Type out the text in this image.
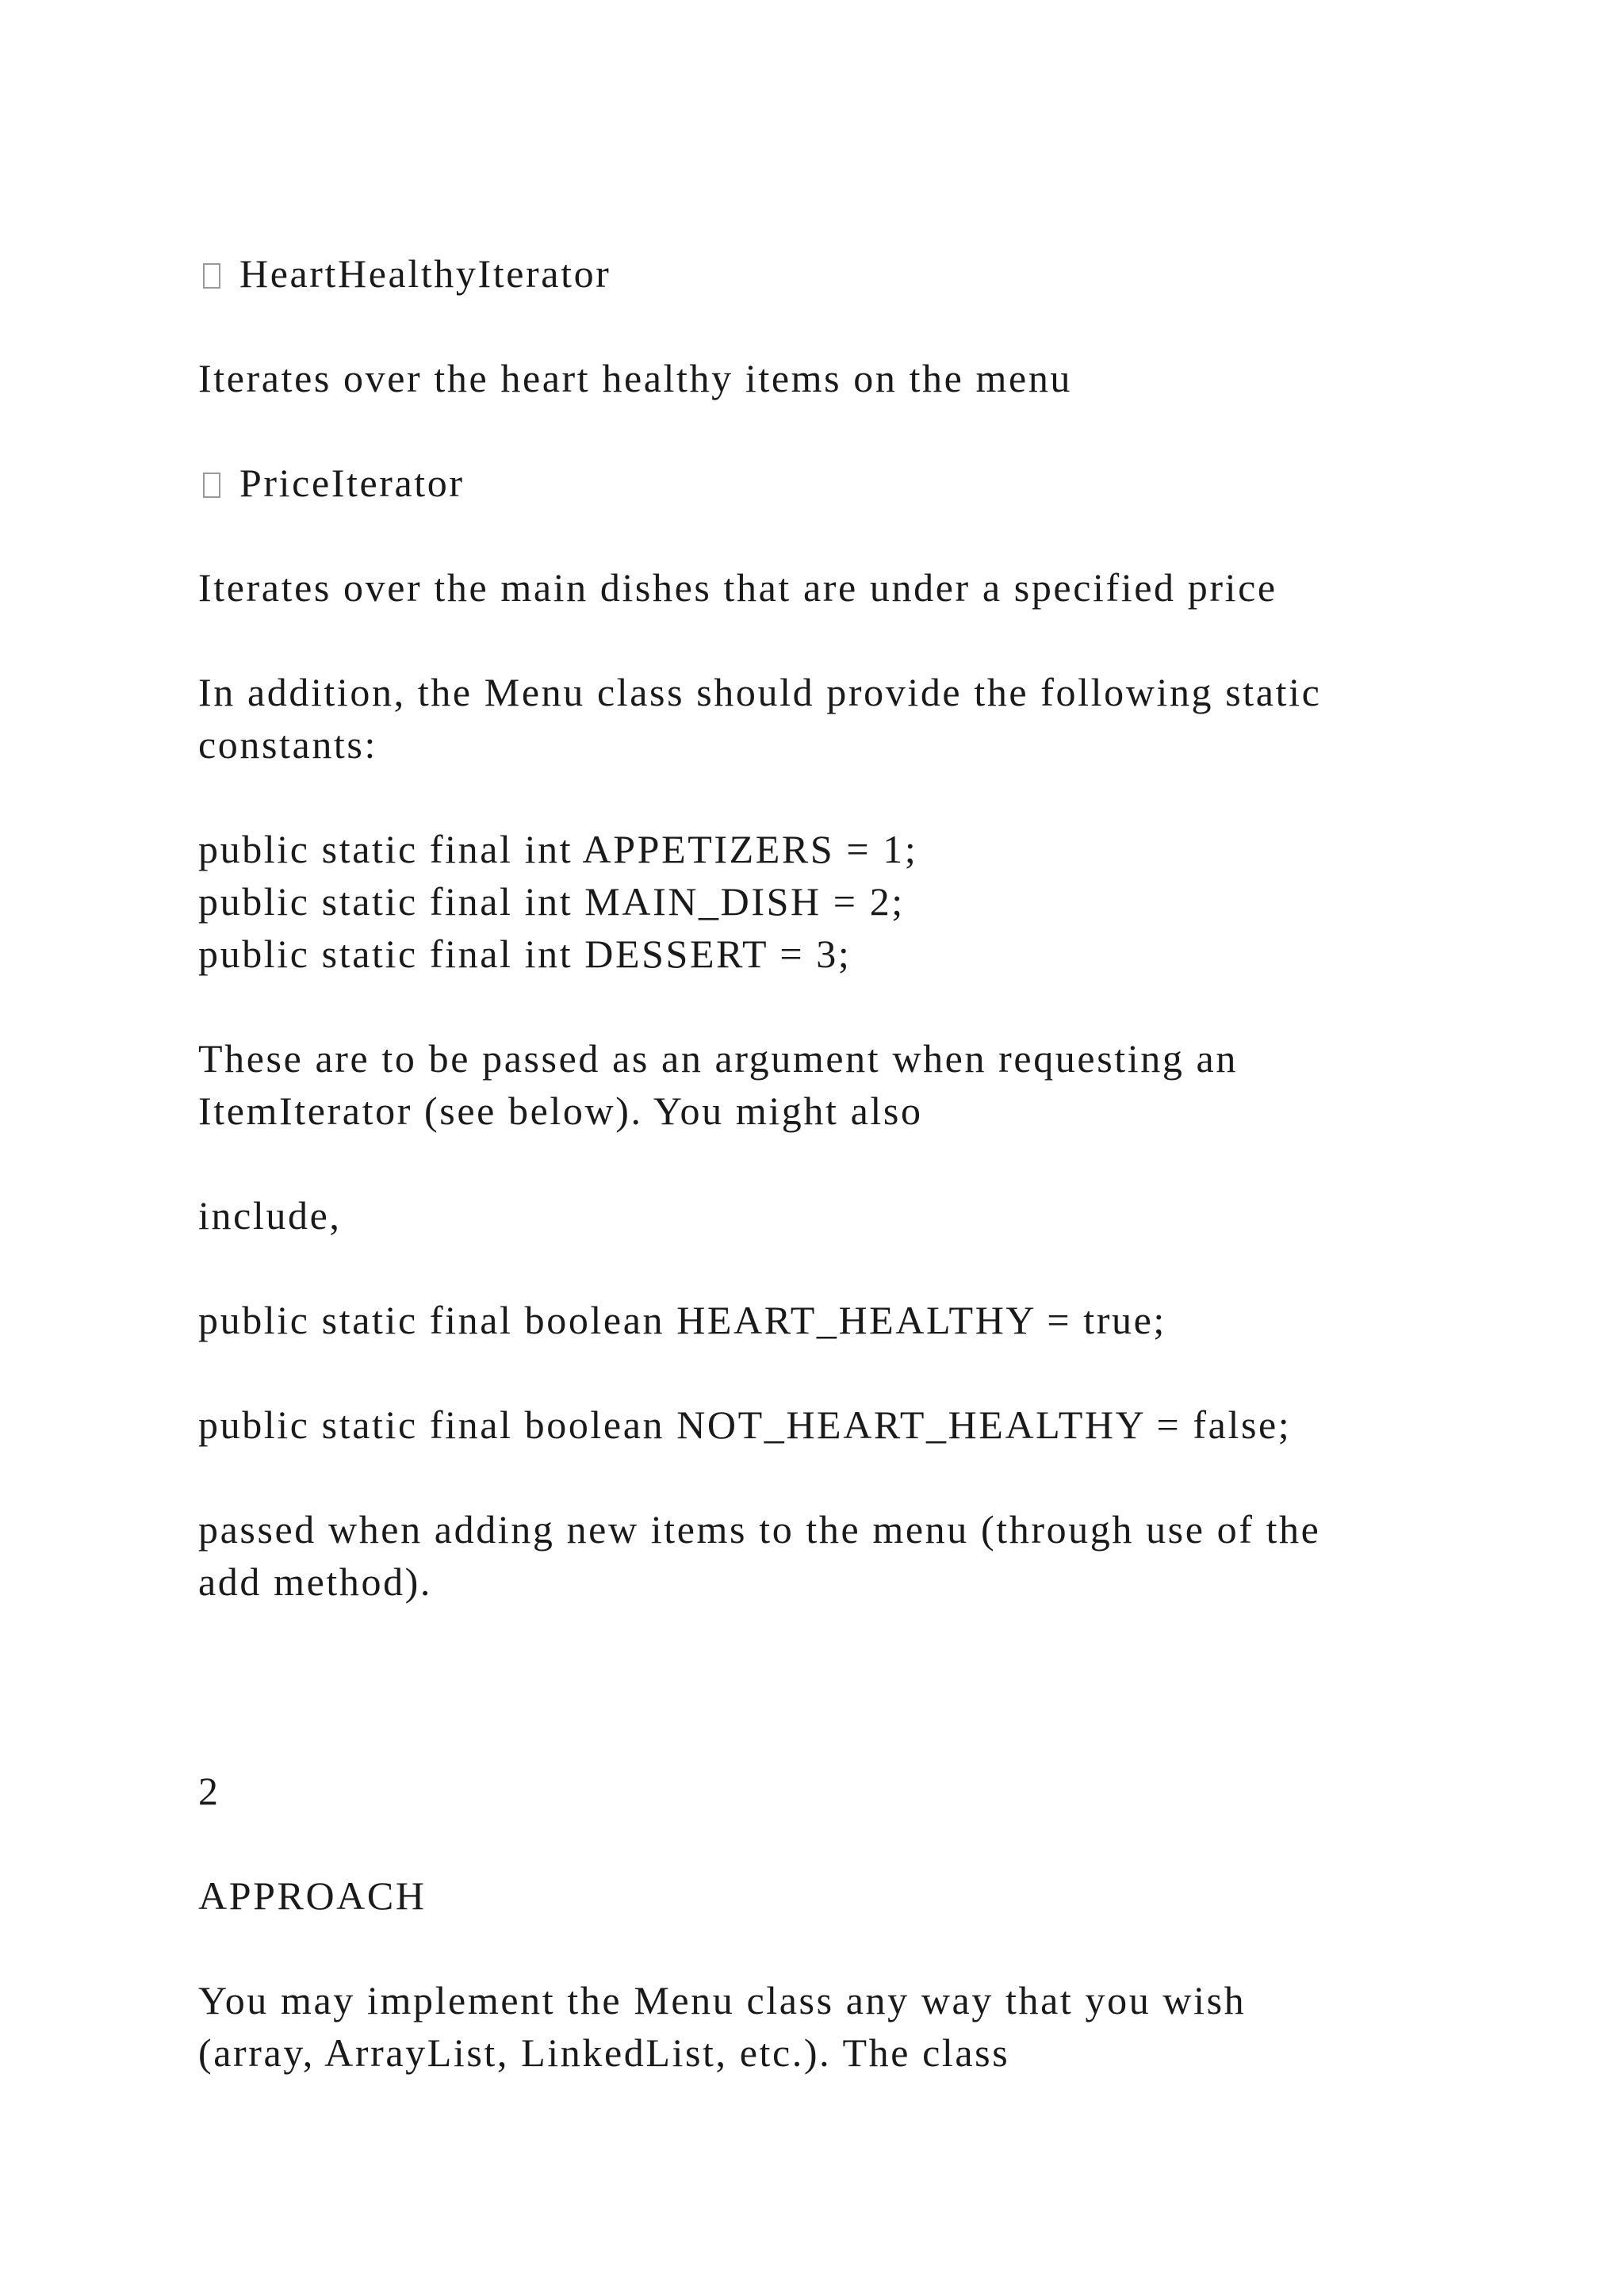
HeartHealthyIterator
Iterates over the heart healthy items on the menu
PriceIterator
Iterates over the main dishes that are under a specified price
In addition, the Menu class should provide the following static
constants:
public static final int APPETIZERS = 1;
public static final int MAIN_DISH = 2;
public static final int DESSERT = 3;
These are to be passed as an argument when requesting an
ItemIterator (see below). You might also
include,
public static final boolean HEART_HEALTHY = true;
public static final boolean NOT_HEART_HEALTHY = false;
passed when adding new items to the menu (through use of the
add method).
2
APPROACH
You may implement the Menu class any way that you wish
(array, ArrayList, LinkedList, etc.). The class
